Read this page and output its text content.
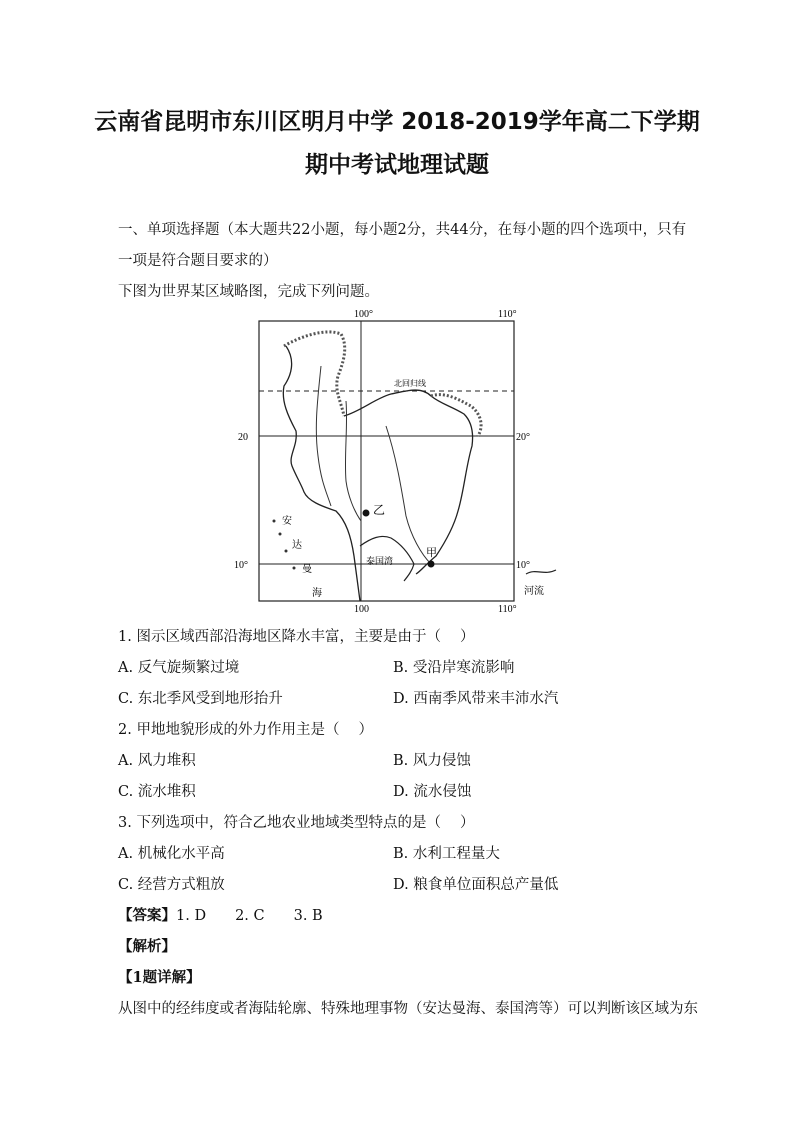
云南省昆明市东川区明月中学 2018-2019学年高二下学期
期中考试地理试题
一、单项选择题（本大题共22小题，每小题2分，共44分，在每小题的四个选项中，只有
一项是符合题目要求的）
下图为世界某区域略图，完成下列问题。
100°	110°
100	110°
20	20°
10°	10°
北回归线
乙
甲
安
达
曼
海
泰国湾
河流
1. 图示区域西部沿海地区降水丰富，主要是由于（　 ）
A. 反气旋频繁过境	B. 受沿岸寒流影响
C. 东北季风受到地形抬升	D. 西南季风带来丰沛水汽
2. 甲地地貌形成的外力作用主是（　 ）
A. 风力堆积	B. 风力侵蚀
C. 流水堆积	D. 流水侵蚀
3. 下列选项中，符合乙地农业地域类型特点的是（　 ）
A. 机械化水平高	B. 水利工程量大
C. 经营方式粗放	D. 粮食单位面积总产量低
【答案】1. D　　2. C　　3. B
【解析】
【1题详解】
从图中的经纬度或者海陆轮廓、特殊地理事物（安达曼海、泰国湾等）可以判断该区域为东
